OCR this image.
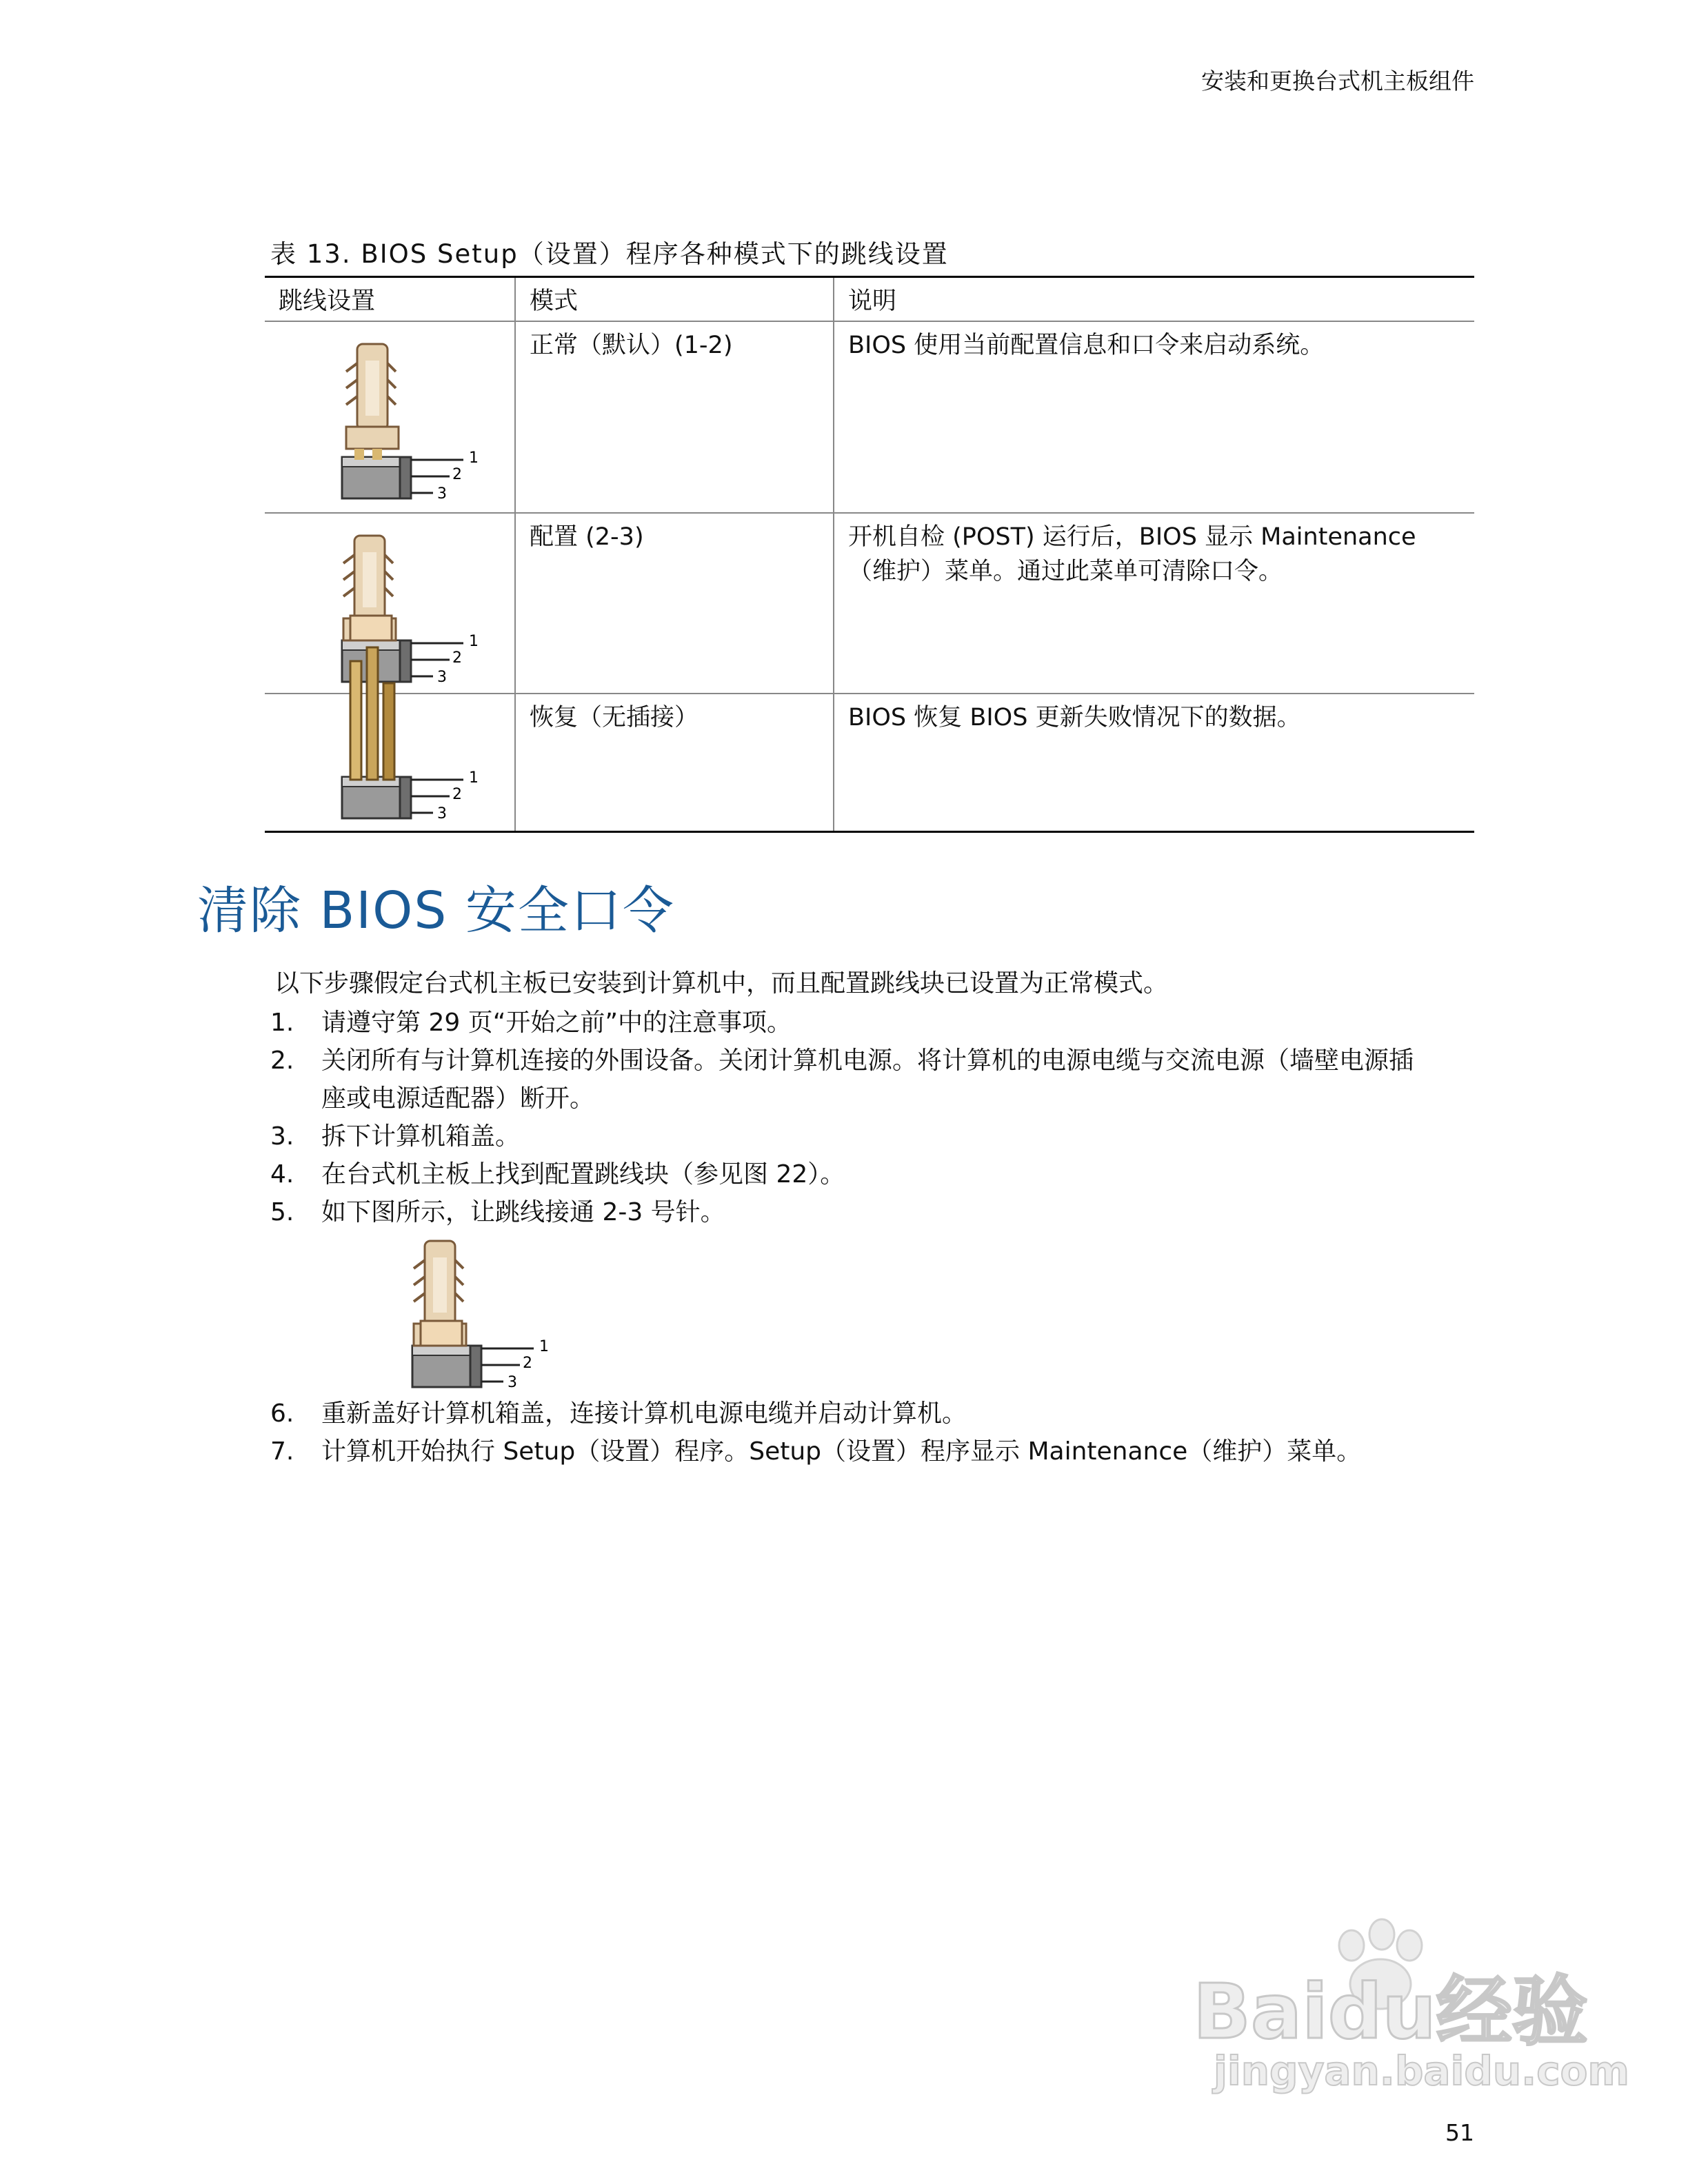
安装和更换台式机主板组件
表 13. BIOS Setup（设置）程序各种模式下的跳线设置
跳线设置	模式	说明

1
2
3	正常（默认）(1-2)	BIOS 使用当前配置信息和口令来启动系统。

1
2
3	配置 (2-3)	开机自检 (POST) 运行后，BIOS 显示 Maintenance（维护）菜单。通过此菜单可清除口令。

1
2
3	恢复（无插接）	BIOS 恢复 BIOS 更新失败情况下的数据。
清除 BIOS 安全口令

以下步骤假定台式机主板已安装到计算机中，而且配置跳线块已设置为正常模式。

1.	请遵守第 29 页“开始之前”中的注意事项。
2.	关闭所有与计算机连接的外围设备。关闭计算机电源。将计算机的电源电缆与交流电源（墙壁电源插座或电源适配器）断开。
3.	拆下计算机箱盖。
4.	在台式机主板上找到配置跳线块（参见图 22）。
5.	如下图所示，让跳线接通 2-3 号针。
1
2
3
6.	重新盖好计算机箱盖，连接计算机电源电缆并启动计算机。
7.	计算机开始执行 Setup（设置）程序。Setup（设置）程序显示 Maintenance（维护）菜单。
Baidu经验
jingyan.baidu.com
51
